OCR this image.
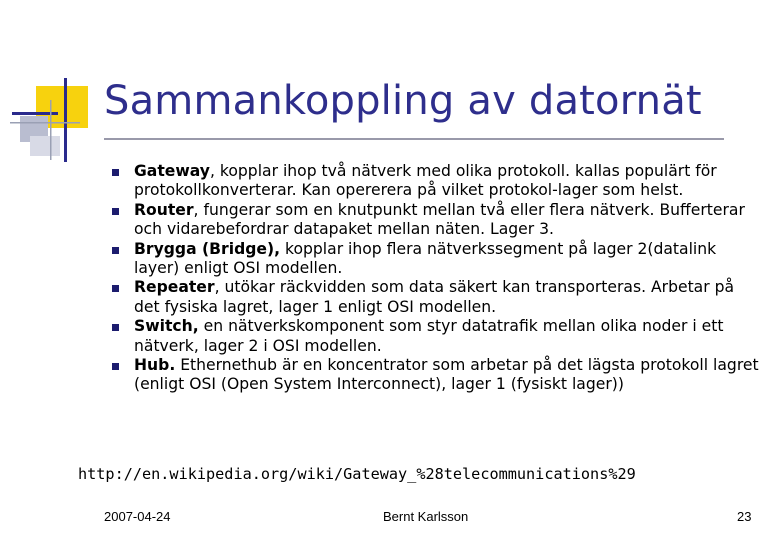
Sammankoppling av datornät
Gateway, kopplar ihop två nätverk med olika protokoll. kallas populärt för protokollkonverterar. Kan opererera på vilket protokol-lager som helst.
Router, fungerar som en knutpunkt mellan två eller flera nätverk. Bufferterar och vidarebefordrar datapaket mellan näten. Lager 3.
Brygga (Bridge), kopplar ihop flera nätverkssegment på lager 2(datalink layer) enligt OSI modellen.
Repeater, utökar räckvidden som data säkert kan transporteras. Arbetar på det fysiska lagret, lager 1 enligt OSI modellen.
Switch, en nätverkskomponent som styr datatrafik mellan olika noder i ett nätverk, lager 2 i OSI modellen.
Hub. Ethernethub är en koncentrator som arbetar på det lägsta protokoll lagret (enligt OSI (Open System Interconnect), lager 1 (fysiskt lager))
http://en.wikipedia.org/wiki/Gateway_%28telecommunications%29
2007-04-24	Bernt Karlsson	23
